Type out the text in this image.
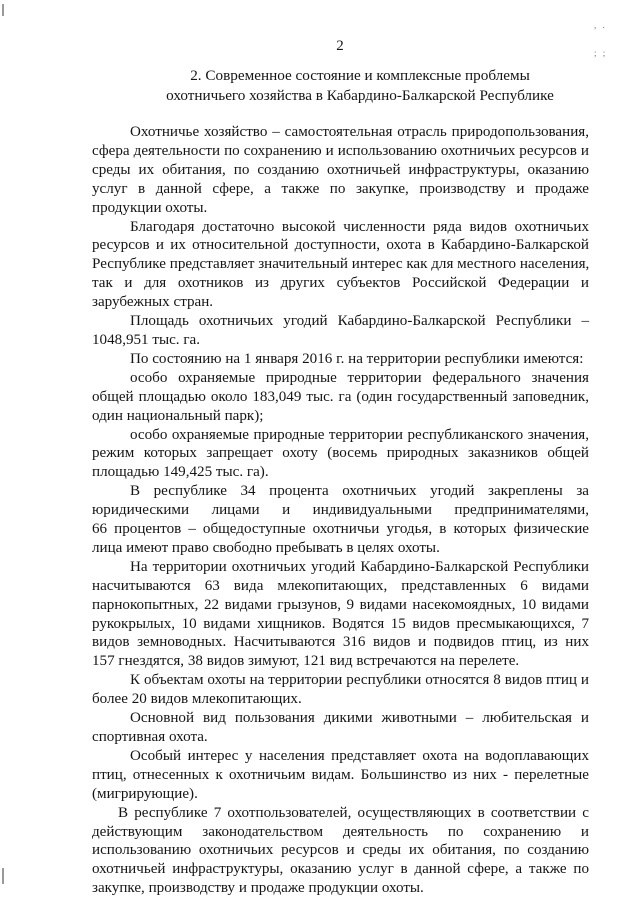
, .
; ;
2
2. Современное состояние и комплексные проблемы
охотничьего хозяйства в Кабардино-Балкарской Республике

Охотничье хозяйство – самостоятельная отрасль природопользования,
сфера деятельности по сохранению и использованию охотничьих ресурсов и
среды их обитания, по созданию охотничьей инфраструктуры, оказанию
услуг в данной сфере, а также по закупке, производству и продаже
продукции охоты.

Благодаря достаточно высокой численности ряда видов охотничьих
ресурсов и их относительной доступности, охота в Кабардино-Балкарской
Республике представляет значительный интерес как для местного населения,
так и для охотников из других субъектов Российской Федерации и
зарубежных стран.

Площадь охотничьих угодий Кабардино-Балкарской Республики –
1048,951 тыс. га.

По состоянию на 1 января 2016 г. на территории республики имеются:

особо охраняемые природные территории федерального значения
общей площадью около 183,049 тыс. га (один государственный заповедник,
один национальный парк);

особо охраняемые природные территории республиканского значения,
режим которых запрещает охоту (восемь природных заказников общей
площадью 149,425 тыс. га).

В республике 34 процента охотничьих угодий закреплены за
юридическими лицами и индивидуальными предпринимателями,
66 процентов – общедоступные охотничьи угодья, в которых физические
лица имеют право свободно пребывать в целях охоты.

На территории охотничьих угодий Кабардино-Балкарской Республики
насчитываются 63 вида млекопитающих, представленных 6 видами
парнокопытных, 22 видами грызунов, 9 видами насекомоядных, 10 видами
рукокрылых, 10 видами хищников. Водятся 15 видов пресмыкающихся, 7
видов земноводных. Насчитываются 316 видов и подвидов птиц, из них
157 гнездятся, 38 видов зимуют, 121 вид встречаются на перелете.

К объектам охоты на территории республики относятся 8 видов птиц и
более 20 видов млекопитающих.

Основной вид пользования дикими животными – любительская и
спортивная охота.

Особый интерес у населения представляет охота на водоплавающих
птиц, отнесенных к охотничьим видам. Большинство из них - перелетные
(мигрирующие).

В республике 7 охотпользователей, осуществляющих в соответствии с
действующим законодательством деятельность по сохранению и
использованию охотничьих ресурсов и среды их обитания, по созданию
охотничьей инфраструктуры, оказанию услуг в данной сфере, а также по
закупке, производству и продаже продукции охоты.
